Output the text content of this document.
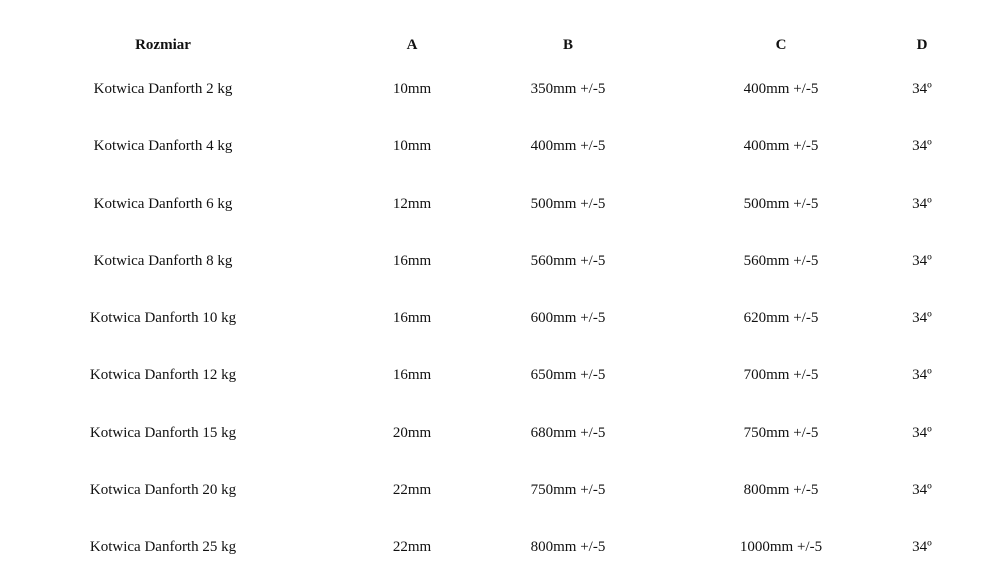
Rozmiar	A	B	C	D
Kotwica Danforth 2 kg	10mm	350mm +/-5	400mm +/-5	34º
Kotwica Danforth 4 kg	10mm	400mm +/-5	400mm +/-5	34º
Kotwica Danforth 6 kg	12mm	500mm +/-5	500mm +/-5	34º
Kotwica Danforth 8 kg	16mm	560mm +/-5	560mm +/-5	34º
Kotwica Danforth 10 kg	16mm	600mm +/-5	620mm +/-5	34º
Kotwica Danforth 12 kg	16mm	650mm +/-5	700mm +/-5	34º
Kotwica Danforth 15 kg	20mm	680mm +/-5	750mm +/-5	34º
Kotwica Danforth 20 kg	22mm	750mm +/-5	800mm +/-5	34º
Kotwica Danforth 25 kg	22mm	800mm +/-5	1000mm +/-5	34º
